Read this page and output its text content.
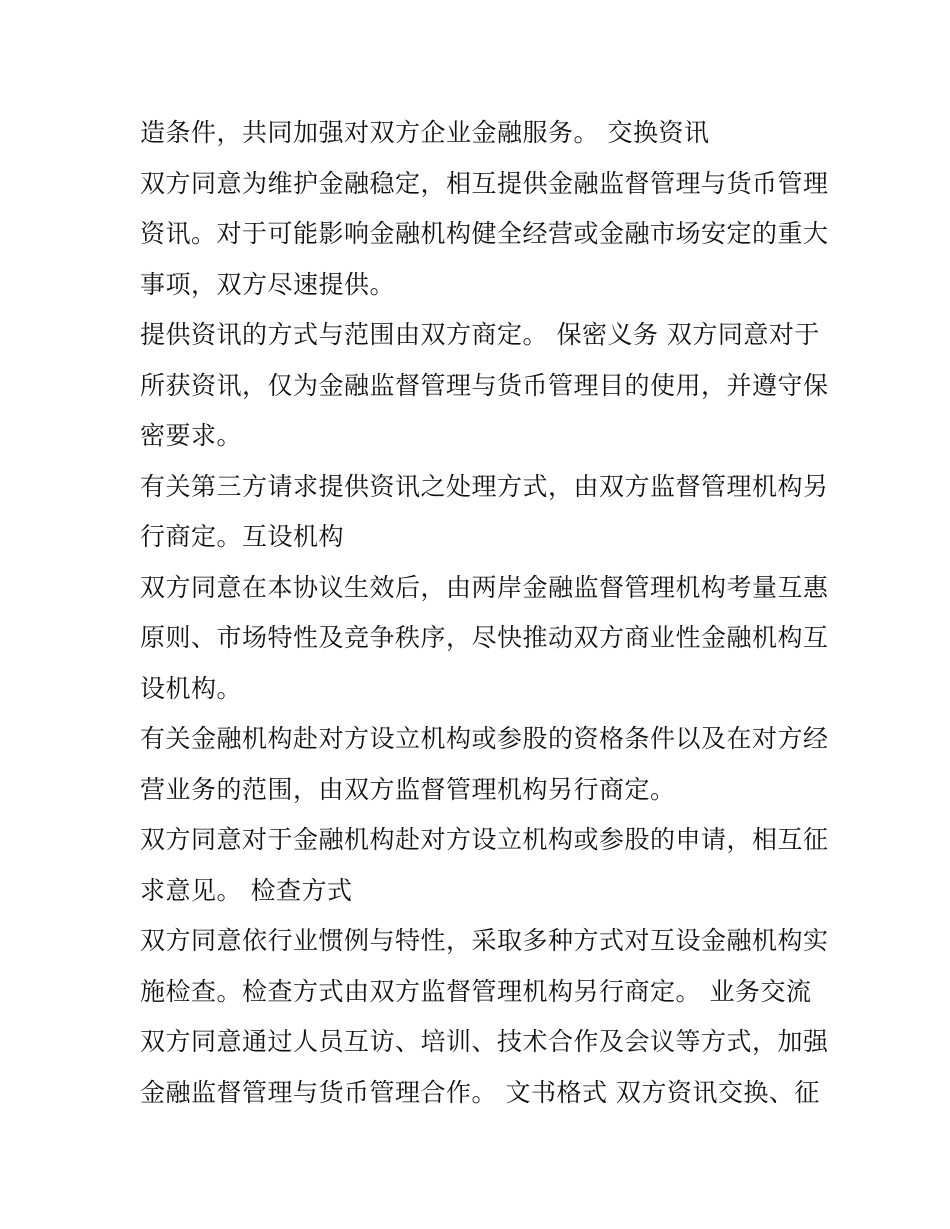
造条件，共同加强对双方企业金融服务。 交换资讯
双方同意为维护金融稳定，相互提供金融监督管理与货币管理
资讯。对于可能影响金融机构健全经营或金融市场安定的重大
事项，双方尽速提供。
提供资讯的方式与范围由双方商定。 保密义务 双方同意对于
所获资讯，仅为金融监督管理与货币管理目的使用，并遵守保
密要求。
有关第三方请求提供资讯之处理方式，由双方监督管理机构另
行商定。互设机构
双方同意在本协议生效后，由两岸金融监督管理机构考量互惠
原则、市场特性及竞争秩序，尽快推动双方商业性金融机构互
设机构。
有关金融机构赴对方设立机构或参股的资格条件以及在对方经
营业务的范围，由双方监督管理机构另行商定。
双方同意对于金融机构赴对方设立机构或参股的申请，相互征
求意见。 检查方式
双方同意依行业惯例与特性，采取多种方式对互设金融机构实
施检查。检查方式由双方监督管理机构另行商定。 业务交流
双方同意通过人员互访、培训、技术合作及会议等方式，加强
金融监督管理与货币管理合作。 文书格式 双方资讯交换、征
